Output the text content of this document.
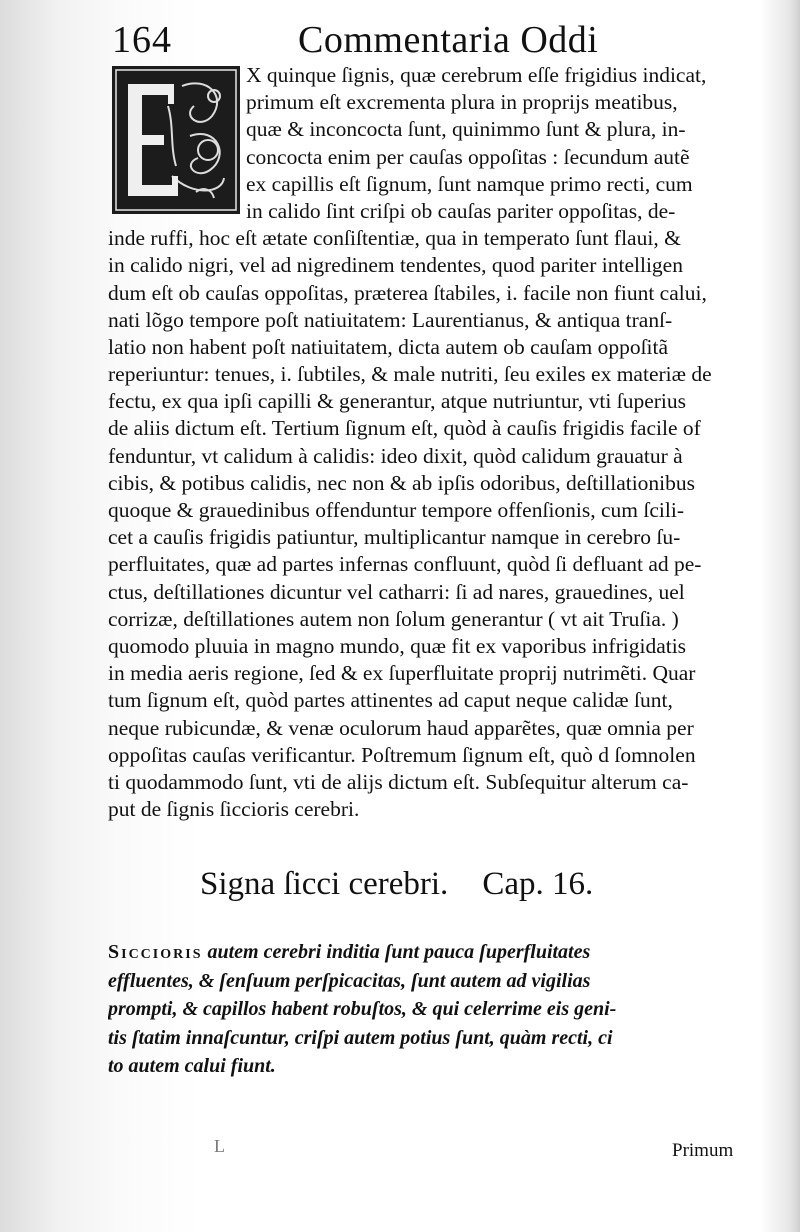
164	Commentaria Oddi
E
X quinque ſignis, quæ cerebrum eſſe frigidius indicat,
primum eſt excrementa plura in proprijs meatibus,
quæ & inconcocta ſunt, quinimmo ſunt & plura, in-
concocta enim per cauſas oppoſitas : ſecundum autẽ
ex capillis eſt ſignum, ſunt namque primo recti, cum
in calido ſint criſpi ob cauſas pariter oppoſitas, de-
inde ruffi, hoc eſt ætate conſiſtentiæ, qua in temperato ſunt flaui, &
in calido nigri, vel ad nigredinem tendentes, quod pariter intelligen
dum eſt ob cauſas oppoſitas, præterea ſtabiles, i. facile non fiunt calui,
nati lõgo tempore poſt natiuitatem: Laurentianus, & antiqua tranſ-
latio non habent poſt natiuitatem, dicta autem ob cauſam oppoſitã
reperiuntur: tenues, i. ſubtiles, & male nutriti, ſeu exiles ex materiæ de
fectu, ex qua ipſi capilli & generantur, atque nutriuntur, vti ſuperius
de aliis dictum eſt. Tertium ſignum eſt, quòd à cauſis frigidis facile of
fenduntur, vt calidum à calidis: ideo dixit, quòd calidum grauatur à
cibis, & potibus calidis, nec non & ab ipſis odoribus, deſtillationibus
quoque & grauedinibus offenduntur tempore offenſionis, cum ſcili-
cet a cauſis frigidis patiuntur, multiplicantur namque in cerebro ſu-
perfluitates, quæ ad partes infernas confluunt, quòd ſi defluant ad pe-
ctus, deſtillationes dicuntur vel catharri: ſi ad nares, grauedines, uel
corrizæ, deſtillationes autem non ſolum generantur ( vt ait Truſia. )
quomodo pluuia in magno mundo, quæ fit ex vaporibus infrigidatis
in media aeris regione, ſed & ex ſuperfluitate proprij nutrimẽti. Quar
tum ſignum eſt, quòd partes attinentes ad caput neque calidæ ſunt,
neque rubicundæ, & venæ oculorum haud apparẽtes, quæ omnia per
oppoſitas cauſas verificantur. Poſtremum ſignum eſt, quò d ſomnolen
ti quodammodo ſunt, vti de alijs dictum eſt. Subſequitur alterum ca-
put de ſignis ſiccioris cerebri.
Signa ſicci cerebri. Cap. 16.
Siccioris autem cerebri inditia ſunt pauca ſuperfluitates
effluentes, & ſenſuum perſpicacitas, ſunt autem ad vigilias
prompti, & capillos habent robuſtos, & qui celerrime eis geni-
tis ſtatim innaſcuntur, criſpi autem potius ſunt, quàm recti, ci
to autem calui fiunt.
L	Primum
